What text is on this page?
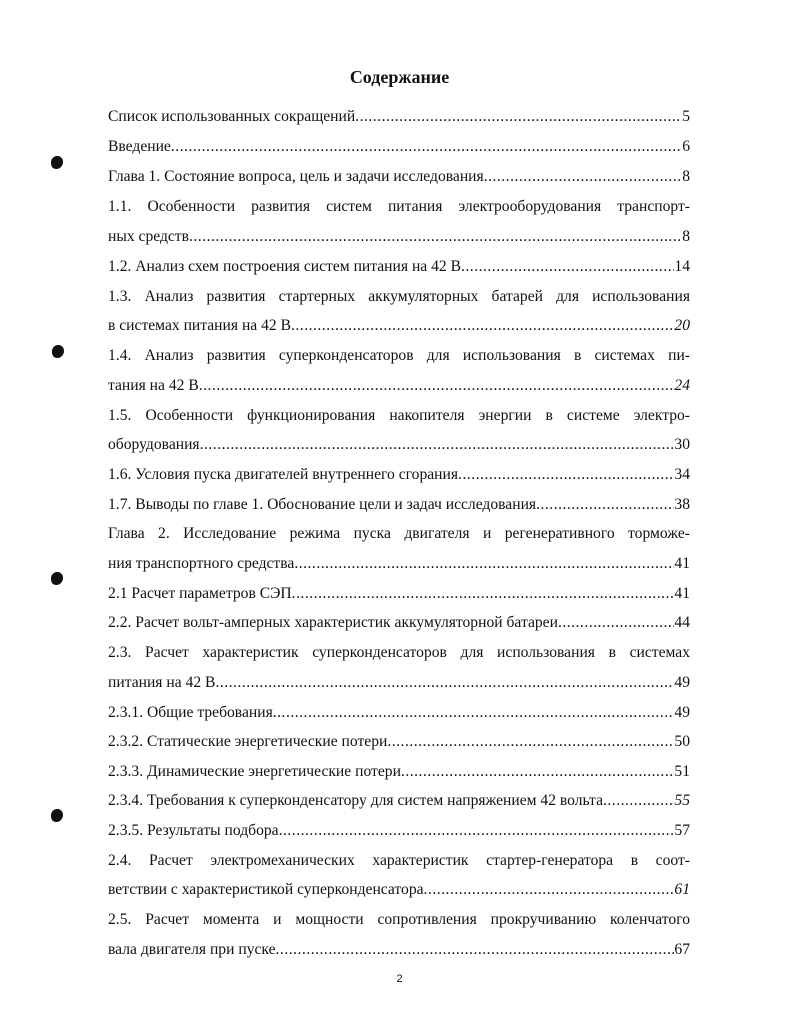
Содержание
Список использованных сокращений .....	5
Введение .....	6
Глава 1. Состояние вопроса, цель и задачи исследования .....	8
1.1. Особенности развития систем питания электрооборудования транспорт-
ных средств .....	8
1.2. Анализ схем построения систем питания на 42 В .....	14
1.3. Анализ развития стартерных аккумуляторных батарей для использования
в системах питания на 42 В .....	20
1.4. Анализ развития суперконденсаторов для использования в системах пи-
тания на 42 В .....	24
1.5. Особенности функционирования накопителя энергии в системе электро-
оборудования .....	30
1.6. Условия пуска двигателей внутреннего сгорания .....	34
1.7. Выводы по главе 1. Обоснование цели и задач исследования .....	38
Глава 2. Исследование режима пуска двигателя и регенеративного торможе-
ния транспортного средства .....	41
2.1 Расчет параметров СЭП .....	41
2.2. Расчет вольт-амперных характеристик аккумуляторной батареи .....	44
2.3. Расчет характеристик суперконденсаторов для использования в системах
питания на 42 В .....	49
2.3.1. Общие требования .....	49
2.3.2. Статические энергетические потери .....	50
2.3.3. Динамические энергетические потери .....	51
2.3.4. Требования к суперконденсатору для систем напряжением 42 вольта .....	55
2.3.5. Результаты подбора .....	57
2.4. Расчет электромеханических характеристик стартер-генератора в соот-
ветствии с характеристикой суперконденсатора .....	61
2.5. Расчет момента и мощности сопротивления прокручиванию коленчатого
вала двигателя при пуске .....	67
2
